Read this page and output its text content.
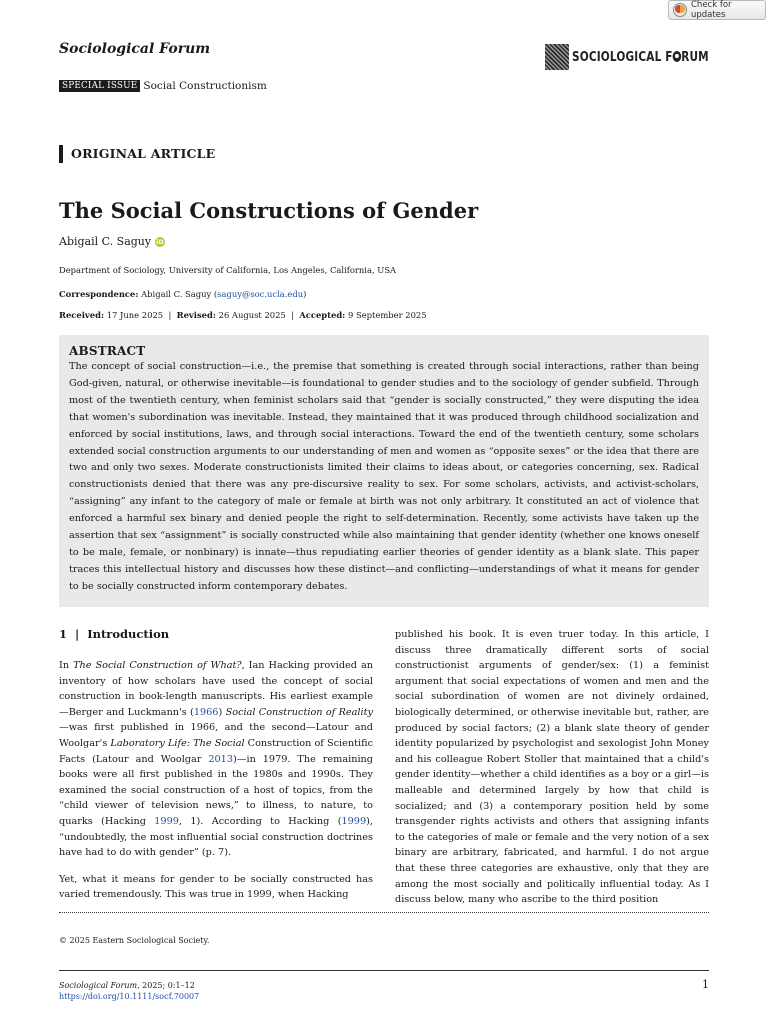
Check for updates
Sociological Forum	SOCIOLOGICAL F RUM
SPECIAL ISSUE Social Constructionism
ORIGINAL ARTICLE
The Social Constructions of Gender
Abigail C. Saguy iD
Department of Sociology, University of California, Los Angeles, California, USA
Correspondence: Abigail C. Saguy (saguy@soc.ucla.edu)
Received: 17 June 2025 | Revised: 26 August 2025 | Accepted: 9 September 2025
ABSTRACT

The concept of social construction—i.e., the premise that something is created through social interactions, rather than being God-given, natural, or otherwise inevitable—is foundational to gender studies and to the sociology of gender subfield. Through most of the twentieth century, when feminist scholars said that “gender is socially constructed,” they were disputing the idea that women's subordination was inevitable. Instead, they maintained that it was produced through childhood socialization and enforced by social institutions, laws, and through social interactions. Toward the end of the twentieth century, some scholars extended social construction arguments to our understanding of men and women as “opposite sexes” or the idea that there are two and only two sexes. Moderate constructionists limited their claims to ideas about, or categories concerning, sex. Radical constructionists denied that there was any pre-discursive reality to sex. For some scholars, activists, and activist-scholars, “assigning” any infant to the category of male or female at birth was not only arbitrary. It constituted an act of violence that enforced a harmful sex binary and denied people the right to self-determination. Recently, some activists have taken up the assertion that sex “assignment” is socially constructed while also maintaining that gender identity (whether one knows oneself to be male, female, or nonbinary) is innate—thus repudiating earlier theories of gender identity as a blank slate. This paper traces this intellectual history and discusses how these distinct—and conflicting—understandings of what it means for gender to be socially constructed inform contemporary debates.

1 | Introduction

In The Social Construction of What?, Ian Hacking provided an inventory of how scholars have used the concept of social construction in book-length manuscripts. His earliest example—Berger and Luckmann's (1966) Social Construction of Reality—was first published in 1966, and the second—Latour and Woolgar's Laboratory Life: The Social Construction of Scientific Facts (Latour and Woolgar 2013)—in 1979. The remaining books were all first published in the 1980s and 1990s. They examined the social construction of a host of topics, from the “child viewer of television news,” to illness, to nature, to quarks (Hacking 1999, 1). According to Hacking (1999), “undoubtedly, the most influential social construction doctrines have had to do with gender” (p. 7).

Yet, what it means for gender to be socially constructed has varied tremendously. This was true in 1999, when Hacking

published his book. It is even truer today. In this article, I discuss three dramatically different sorts of social constructionist arguments of gender/sex: (1) a feminist argument that social expectations of women and men and the social subordination of women are not divinely ordained, biologically determined, or otherwise inevitable but, rather, are produced by social factors; (2) a blank slate theory of gender identity popularized by psychologist and sexologist John Money and his colleague Robert Stoller that maintained that a child's gender identity—whether a child identifies as a boy or a girl—is malleable and determined largely by how that child is socialized; and (3) a contemporary position held by some transgender rights activists and others that assigning infants to the categories of male or female and the very notion of a sex binary are arbitrary, fabricated, and harmful. I do not argue that these three categories are exhaustive, only that they are among the most socially and politically influential today. As I discuss below, many who ascribe to the third position

© 2025 Eastern Sociological Society.
Sociological Forum, 2025; 0:1–12
https://doi.org/10.1111/socf.70007
1
